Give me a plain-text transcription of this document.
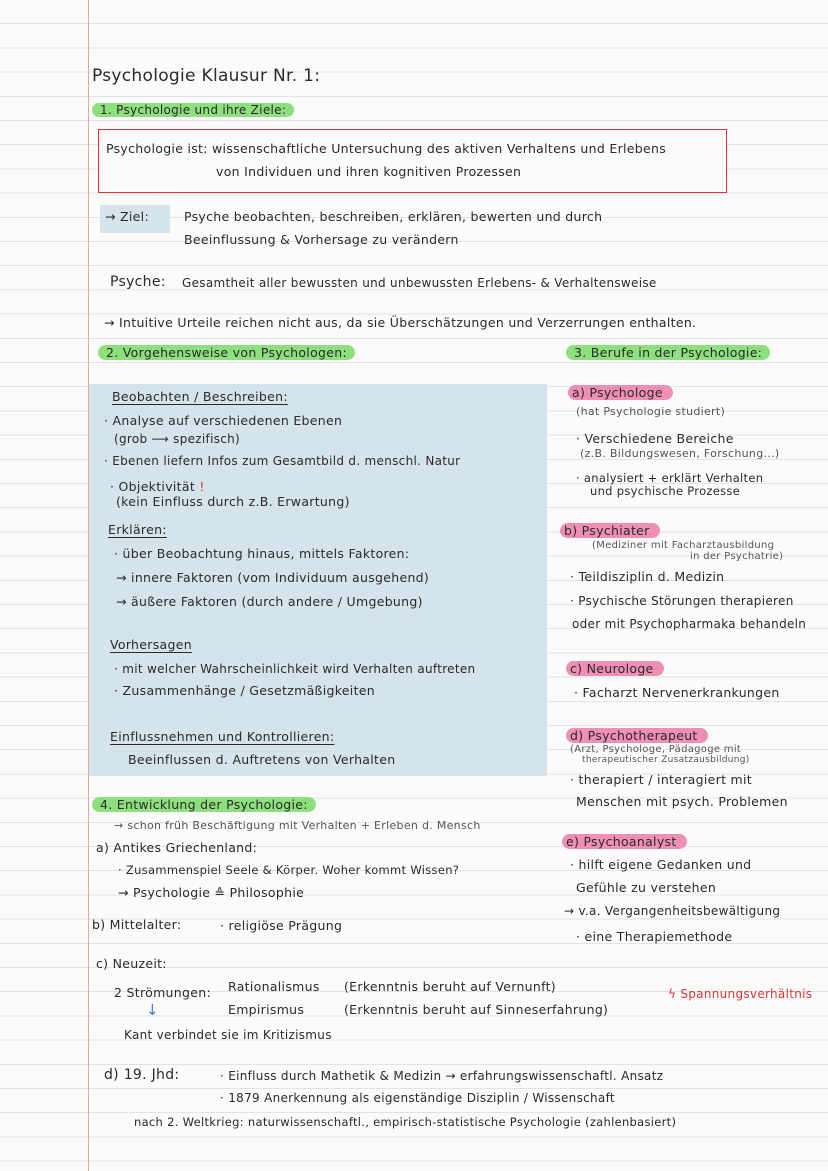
Psychologie Klausur Nr. 1:
1. Psychologie und ihre Ziele:
Psychologie ist: wissenschaftliche Untersuchung des aktiven Verhaltens und Erlebens
von Individuen und ihren kognitiven Prozessen
→ Ziel:	Psyche beobachten, beschreiben, erklären, bewerten und durch
Beeinflussung & Vorhersage zu verändern
Psyche: Gesamtheit aller bewussten und unbewussten Erlebens- & Verhaltensweise
→ Intuitive Urteile reichen nicht aus, da sie Überschätzungen und Verzerrungen enthalten.
2. Vorgehensweise von Psychologen:
Beobachten / Beschreiben:
· Analyse auf verschiedenen Ebenen
(grob ⟶ spezifisch)
· Ebenen liefern Infos zum Gesamtbild d. menschl. Natur
· Objektivität !
(kein Einfluss durch z.B. Erwartung)
Erklären:
· über Beobachtung hinaus, mittels Faktoren:
→ innere Faktoren (vom Individuum ausgehend)
→ äußere Faktoren (durch andere / Umgebung)
Vorhersagen
· mit welcher Wahrscheinlichkeit wird Verhalten auftreten
· Zusammenhänge / Gesetzmäßigkeiten
Einflussnehmen und Kontrollieren:
Beeinflussen d. Auftretens von Verhalten
3. Berufe in der Psychologie:
a) Psychologe
(hat Psychologie studiert)
· Verschiedene Bereiche
(z.B. Bildungswesen, Forschung...)
· analysiert + erklärt Verhalten
und psychische Prozesse
b) Psychiater
(Mediziner mit Facharztausbildung
in der Psychatrie)
· Teildisziplin d. Medizin
· Psychische Störungen therapieren
oder mit Psychopharmaka behandeln
c) Neurologe
· Facharzt Nervenerkrankungen
d) Psychotherapeut
(Arzt, Psychologe, Pädagoge mit
therapeutischer Zusatzausbildung)
· therapiert / interagiert mit
Menschen mit psych. Problemen
e) Psychoanalyst
· hilft eigene Gedanken und
Gefühle zu verstehen
→ v.a. Vergangenheitsbewältigung
· eine Therapiemethode
4. Entwicklung der Psychologie:
→ schon früh Beschäftigung mit Verhalten + Erleben d. Mensch
a) Antikes Griechenland:
· Zusammenspiel Seele & Körper. Woher kommt Wissen?
→ Psychologie ≙ Philosophie
b) Mittelalter:	· religiöse Prägung
c) Neuzeit:
2 Strömungen: Rationalismus (Erkenntnis beruht auf Vernunft)
Empirismus	(Erkenntnis beruht auf Sinneserfahrung)
↓
Kant verbindet sie im Kritizismus
ϟ Spannungsverhältnis
d) 19. Jhd:	· Einfluss durch Mathetik & Medizin → erfahrungswissenschaftl. Ansatz
· 1879 Anerkennung als eigenständige Disziplin / Wissenschaft
nach 2. Weltkrieg: naturwissenschaftl., empirisch-statistische Psychologie (zahlenbasiert)
